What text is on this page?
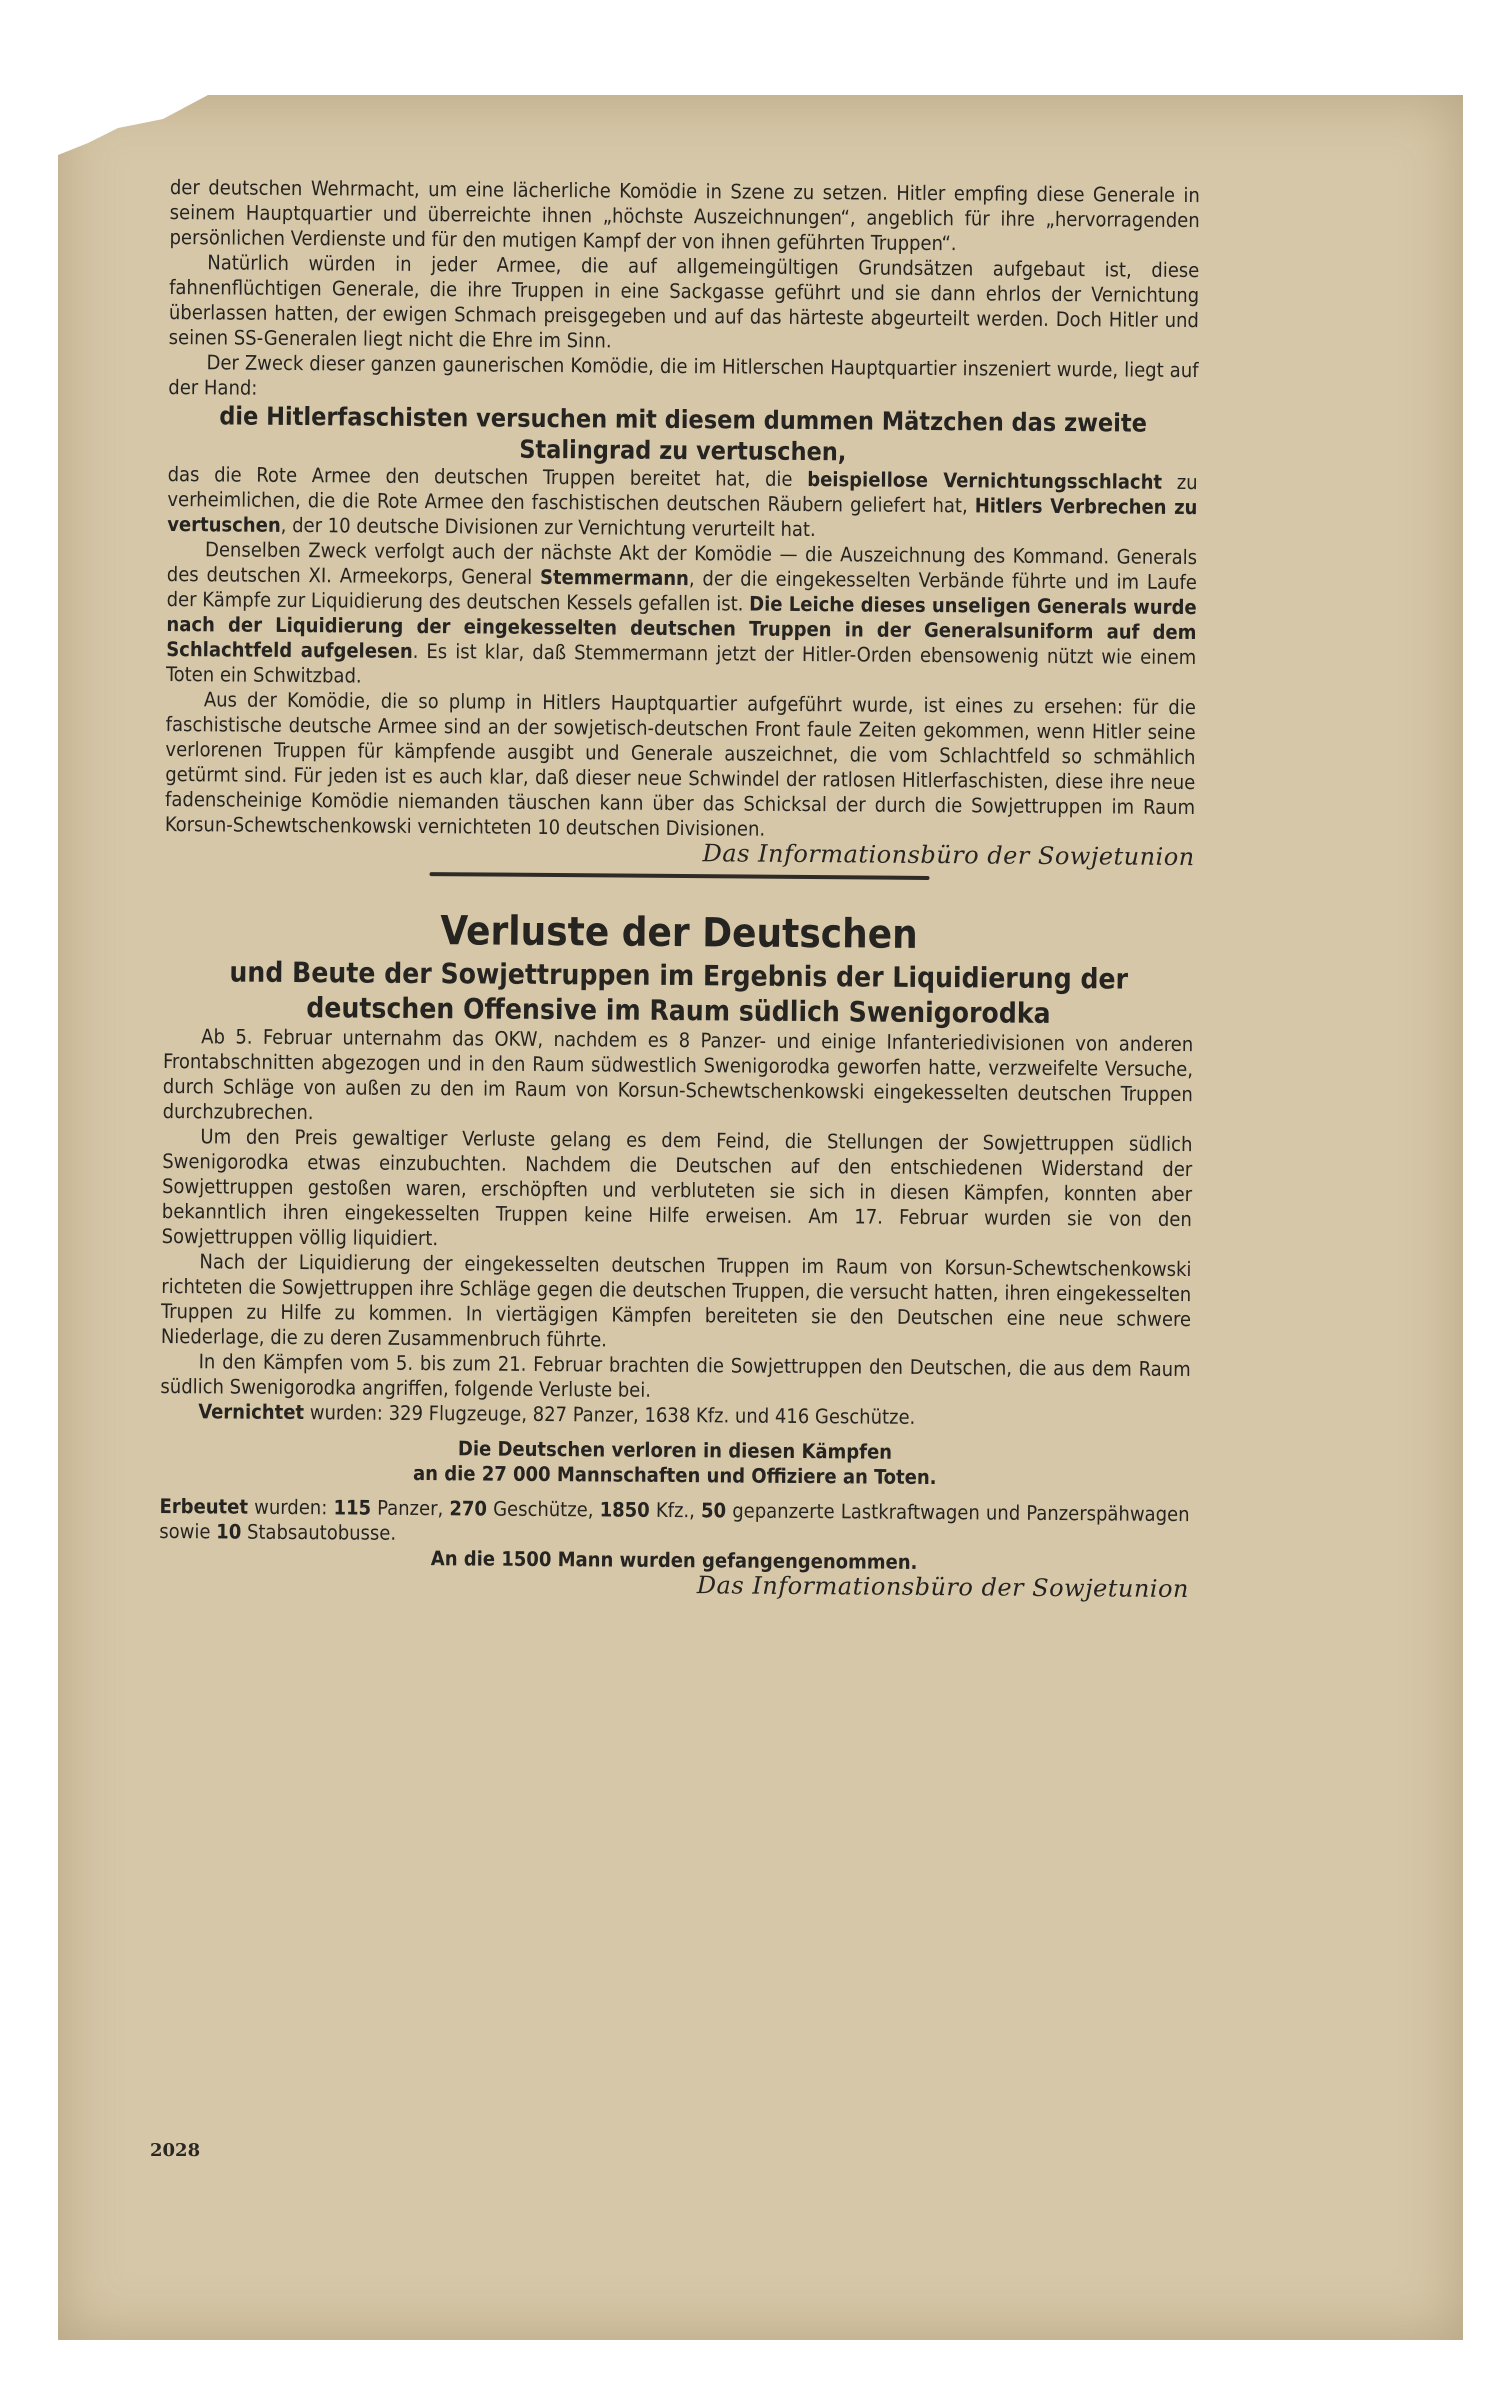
der deutschen Wehrmacht, um eine lächerliche Komödie in Szene zu setzen. Hitler empfing diese Generale in seinem Hauptquartier und überreichte ihnen „höchste Auszeichnungen“, angeblich für ihre „hervorragenden persönlichen Verdienste und für den mutigen Kampf der von ihnen geführten Truppen“.

Natürlich würden in jeder Armee, die auf allgemeingültigen Grundsätzen aufgebaut ist, diese fahnenflüchtigen Generale, die ihre Truppen in eine Sackgasse geführt und sie dann ehrlos der Vernichtung überlassen hatten, der ewigen Schmach preisgegeben und auf das härteste abgeurteilt werden. Doch Hitler und seinen SS-Generalen liegt nicht die Ehre im Sinn.

Der Zweck dieser ganzen gaunerischen Komödie, die im Hitlerschen Hauptquartier inszeniert wurde, liegt auf der Hand:

die Hitlerfaschisten versuchen mit diesem dummen Mätzchen das zweite Stalingrad zu vertuschen,

das die Rote Armee den deutschen Truppen bereitet hat, die beispiellose Vernichtungsschlacht zu verheimlichen, die die Rote Armee den faschistischen deutschen Räubern geliefert hat, Hitlers Verbrechen zu vertuschen, der 10 deutsche Divisionen zur Vernichtung verurteilt hat.

Denselben Zweck verfolgt auch der nächste Akt der Komödie — die Auszeichnung des Kommand. Generals des deutschen XI. Armeekorps, General Stemmermann, der die eingekesselten Verbände führte und im Laufe der Kämpfe zur Liquidierung des deutschen Kessels gefallen ist. Die Leiche dieses unseligen Generals wurde nach der Liquidierung der eingekesselten deutschen Truppen in der Generalsuniform auf dem Schlachtfeld aufgelesen. Es ist klar, daß Stemmermann jetzt der Hitler-Orden ebensowenig nützt wie einem Toten ein Schwitzbad.

Aus der Komödie, die so plump in Hitlers Hauptquartier aufgeführt wurde, ist eines zu ersehen: für die faschistische deutsche Armee sind an der sowjetisch-deutschen Front faule Zeiten gekommen, wenn Hitler seine verlorenen Truppen für kämpfende ausgibt und Generale auszeichnet, die vom Schlachtfeld so schmählich getürmt sind. Für jeden ist es auch klar, daß dieser neue Schwindel der ratlosen Hitlerfaschisten, diese ihre neue fadenscheinige Komödie niemanden täuschen kann über das Schicksal der durch die Sowjettruppen im Raum Korsun-Schewtschenkowski vernichteten 10 deutschen Divisionen.

Das Informationsbüro der Sowjetunion

Verluste der Deutschen

und Beute der Sowjettruppen im Ergebnis der Liquidierung der deutschen Offensive im Raum südlich Swenigorodka

Ab 5. Februar unternahm das OKW, nachdem es 8 Panzer- und einige Infanteriedivisionen von anderen Frontabschnitten abgezogen und in den Raum südwestlich Swenigorodka geworfen hatte, verzweifelte Versuche, durch Schläge von außen zu den im Raum von Korsun-Schewtschenkowski eingekesselten deutschen Truppen durchzubrechen.

Um den Preis gewaltiger Verluste gelang es dem Feind, die Stellungen der Sowjettruppen südlich Swenigorodka etwas einzubuchten. Nachdem die Deutschen auf den entschiedenen Widerstand der Sowjettruppen gestoßen waren, erschöpften und verbluteten sie sich in diesen Kämpfen, konnten aber bekanntlich ihren eingekesselten Truppen keine Hilfe erweisen. Am 17. Februar wurden sie von den Sowjettruppen völlig liquidiert.

Nach der Liquidierung der eingekesselten deutschen Truppen im Raum von Korsun-Schewtschenkowski richteten die Sowjettruppen ihre Schläge gegen die deutschen Truppen, die versucht hatten, ihren eingekesselten Truppen zu Hilfe zu kommen. In viertägigen Kämpfen bereiteten sie den Deutschen eine neue schwere Niederlage, die zu deren Zusammenbruch führte.

In den Kämpfen vom 5. bis zum 21. Februar brachten die Sowjettruppen den Deutschen, die aus dem Raum südlich Swenigorodka angriffen, folgende Verluste bei.

Vernichtet wurden: 329 Flugzeuge, 827 Panzer, 1638 Kfz. und 416 Geschütze.

Die Deutschen verloren in diesen Kämpfen
an die 27 000 Mannschaften und Offiziere an Toten.

Erbeutet wurden: 115 Panzer, 270 Geschütze, 1850 Kfz., 50 gepanzerte Lastkraftwagen und Panzerspähwagen sowie 10 Stabsautobusse.

An die 1500 Mann wurden gefangengenommen.

Das Informationsbüro der Sowjetunion

2028
